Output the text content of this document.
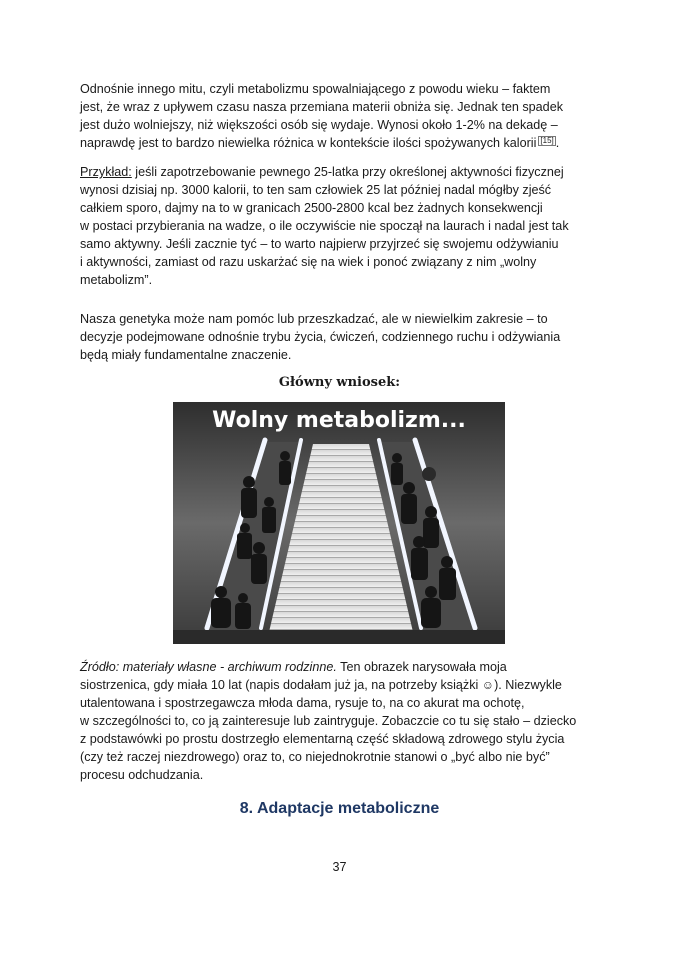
Odnośnie innego mitu, czyli metabolizmu spowalniającego z powodu wieku – faktem
jest, że wraz z upływem czasu nasza przemiana materii obniża się. Jednak ten spadek
jest dużo wolniejszy, niż większości osób się wydaje. Wynosi około 1-2% na dekadę –
naprawdę jest to bardzo niewielka różnica w kontekście ilości spożywanych kalorii [15] .
Przykład: jeśli zapotrzebowanie pewnego 25-latka przy określonej aktywności fizycznej
wynosi dzisiaj np. 3000 kalorii, to ten sam człowiek 25 lat później nadal mógłby zjeść
całkiem sporo, dajmy na to w granicach 2500-2800 kcal bez żadnych konsekwencji
w postaci przybierania na wadze, o ile oczywiście nie spoczął na laurach i nadal jest tak
samo aktywny. Jeśli zacznie tyć – to warto najpierw przyjrzeć się swojemu odżywianiu
i aktywności, zamiast od razu uskarżać się na wiek i ponoć związany z nim „wolny
metabolizm”.
Nasza genetyka może nam pomóc lub przeszkadzać, ale w niewielkim zakresie – to
decyzje podejmowane odnośnie trybu życia, ćwiczeń, codziennego ruchu i odżywiania
będą miały fundamentalne znaczenie.
Główny wniosek:
Wolny metabolizm...
Źródło: materiały własne - archiwum rodzinne. Ten obrazek narysowała moja
siostrzenica, gdy miała 10 lat (napis dodałam już ja, na potrzeby książki ☺). Niezwykle
utalentowana i spostrzegawcza młoda dama, rysuje to, na co akurat ma ochotę,
w szczególności to, co ją zainteresuje lub zaintryguje. Zobaczcie co tu się stało – dziecko
z podstawówki po prostu dostrzegło elementarną część składową zdrowego stylu życia
(czy też raczej niezdrowego) oraz to, co niejednokrotnie stanowi o „być albo nie być”
procesu odchudzania.
8. Adaptacje metaboliczne
37
